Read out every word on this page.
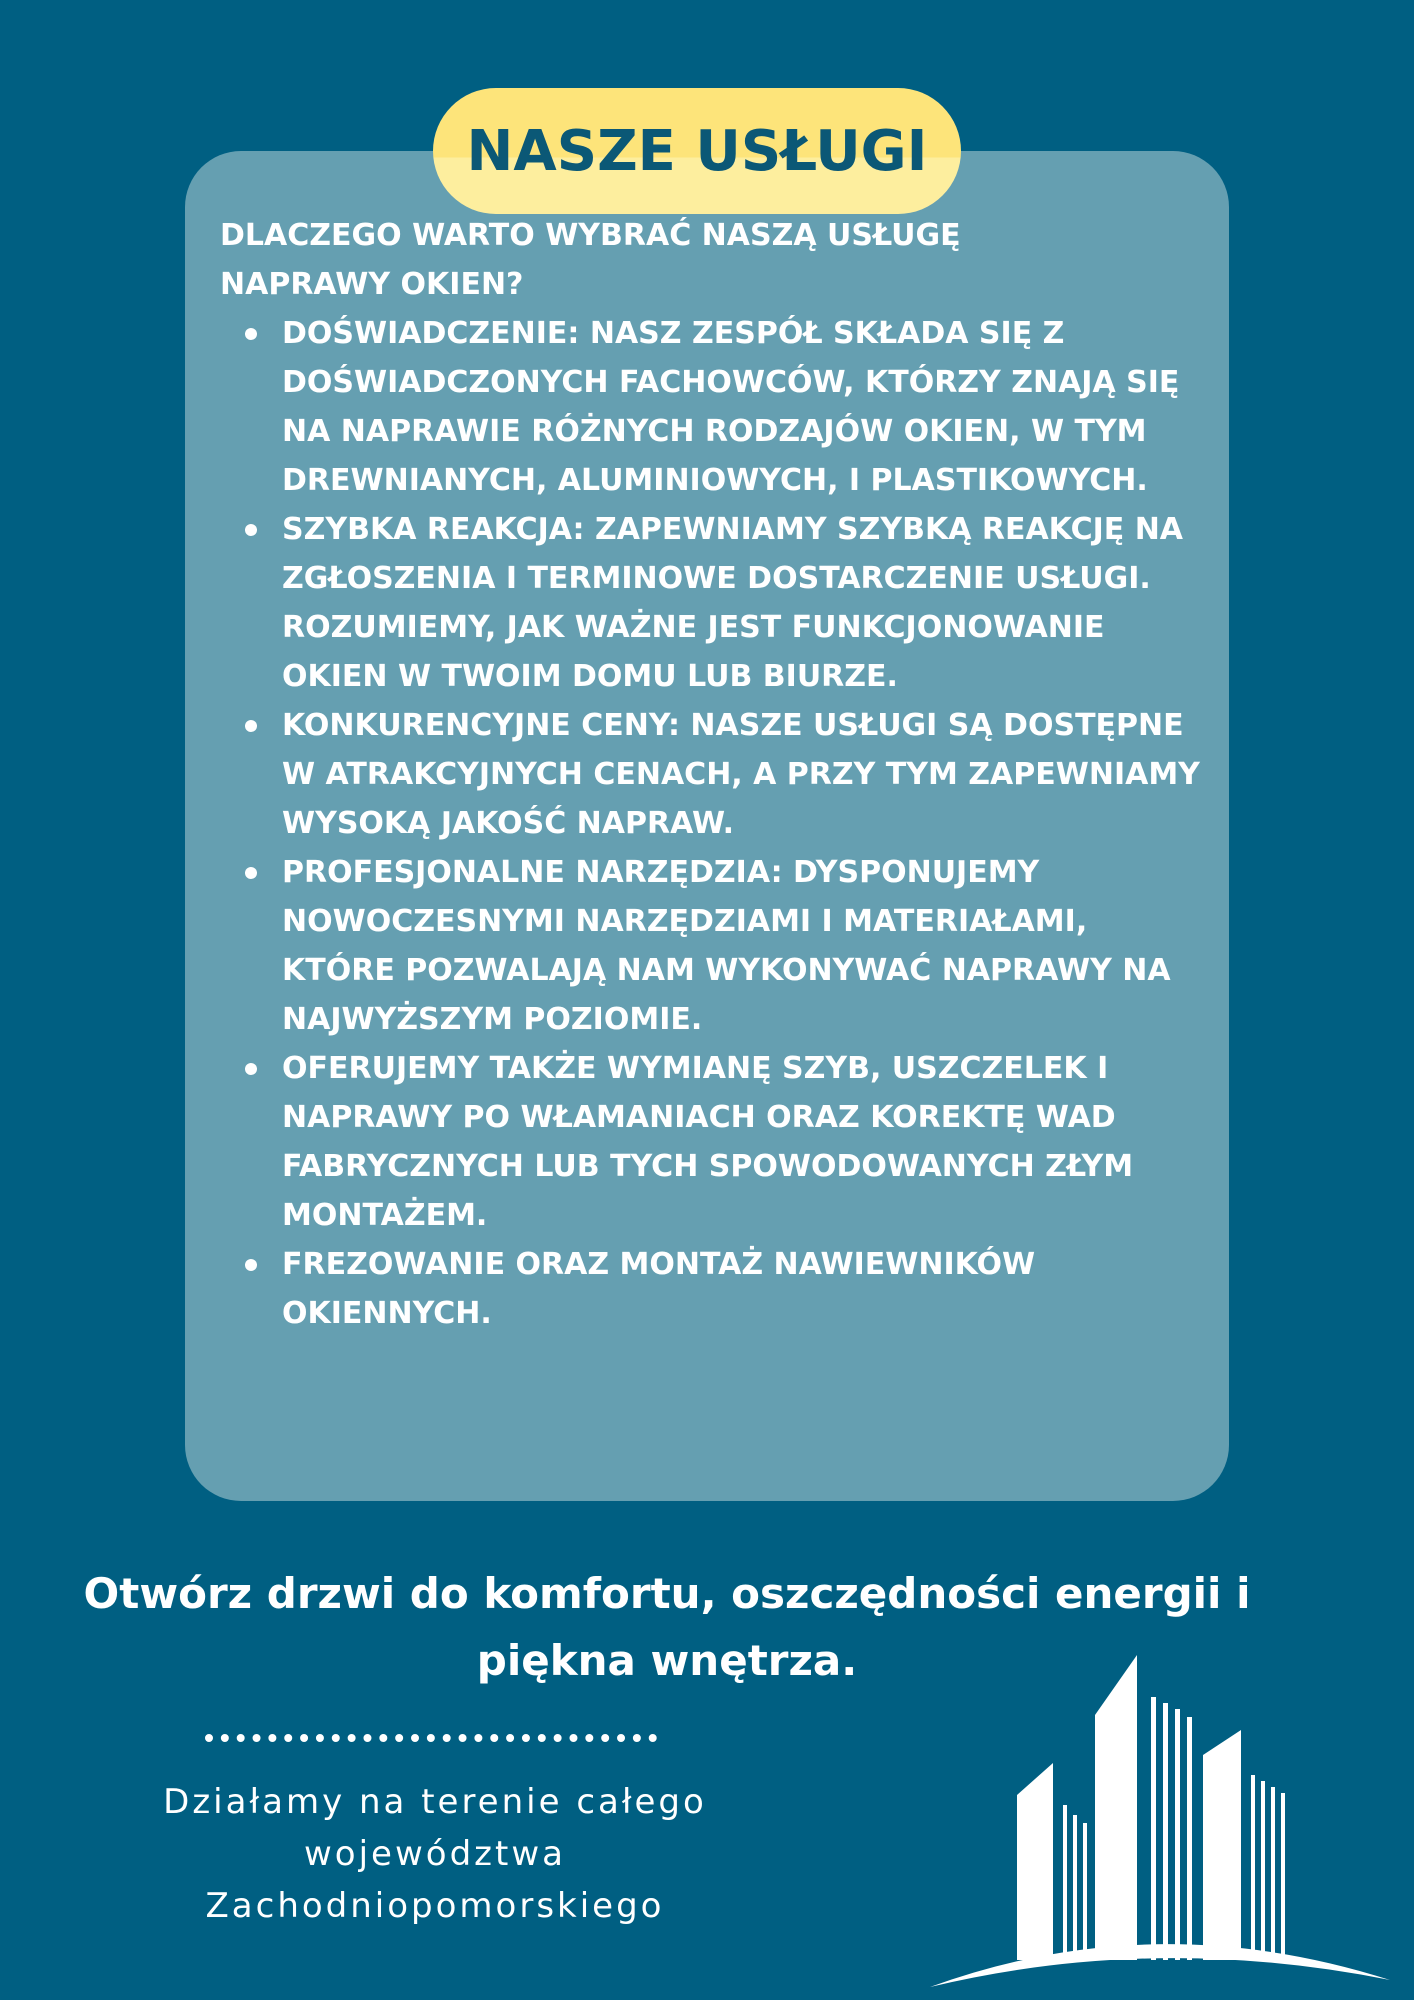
NASZE USŁUGI

DLACZEGO WARTO WYBRAĆ NASZĄ USŁUGĘ NAPRAWY OKIEN?

DOŚWIADCZENIE: NASZ ZESPÓŁ SKŁADA SIĘ Z DOŚWIADCZONYCH FACHOWCÓW, KTÓRZY ZNAJĄ SIĘ NA NAPRAWIE RÓŻNYCH RODZAJÓW OKIEN, W TYM DREWNIANYCH, ALUMINIOWYCH, I PLASTIKOWYCH.
SZYBKA REAKCJA: ZAPEWNIAMY SZYBKĄ REAKCJĘ NA ZGŁOSZENIA I TERMINOWE DOSTARCZENIE USŁUGI. ROZUMIEMY, JAK WAŻNE JEST FUNKCJONOWANIE OKIEN W TWOIM DOMU LUB BIURZE.
KONKURENCYJNE CENY: NASZE USŁUGI SĄ DOSTĘPNE W ATRAKCYJNYCH CENACH, A PRZY TYM ZAPEWNIAMY WYSOKĄ JAKOŚĆ NAPRAW.
PROFESJONALNE NARZĘDZIA: DYSPONUJEMY NOWOCZESNYMI NARZĘDZIAMI I MATERIAŁAMI, KTÓRE POZWALAJĄ NAM WYKONYWAĆ NAPRAWY NA NAJWYŻSZYM POZIOMIE.
OFERUJEMY TAKŻE WYMIANĘ SZYB, USZCZELEK I NAPRAWY PO WŁAMANIACH ORAZ KOREKTĘ WAD FABRYCZNYCH LUB TYCH SPOWODOWANYCH ZŁYM MONTAŻEM.
FREZOWANIE ORAZ MONTAŻ NAWIEWNIKÓW OKIENNYCH.

Otwórz drzwi do komfortu, oszczędności energii i piękna wnętrza.

Działamy na terenie całego województwa Zachodniopomorskiego
